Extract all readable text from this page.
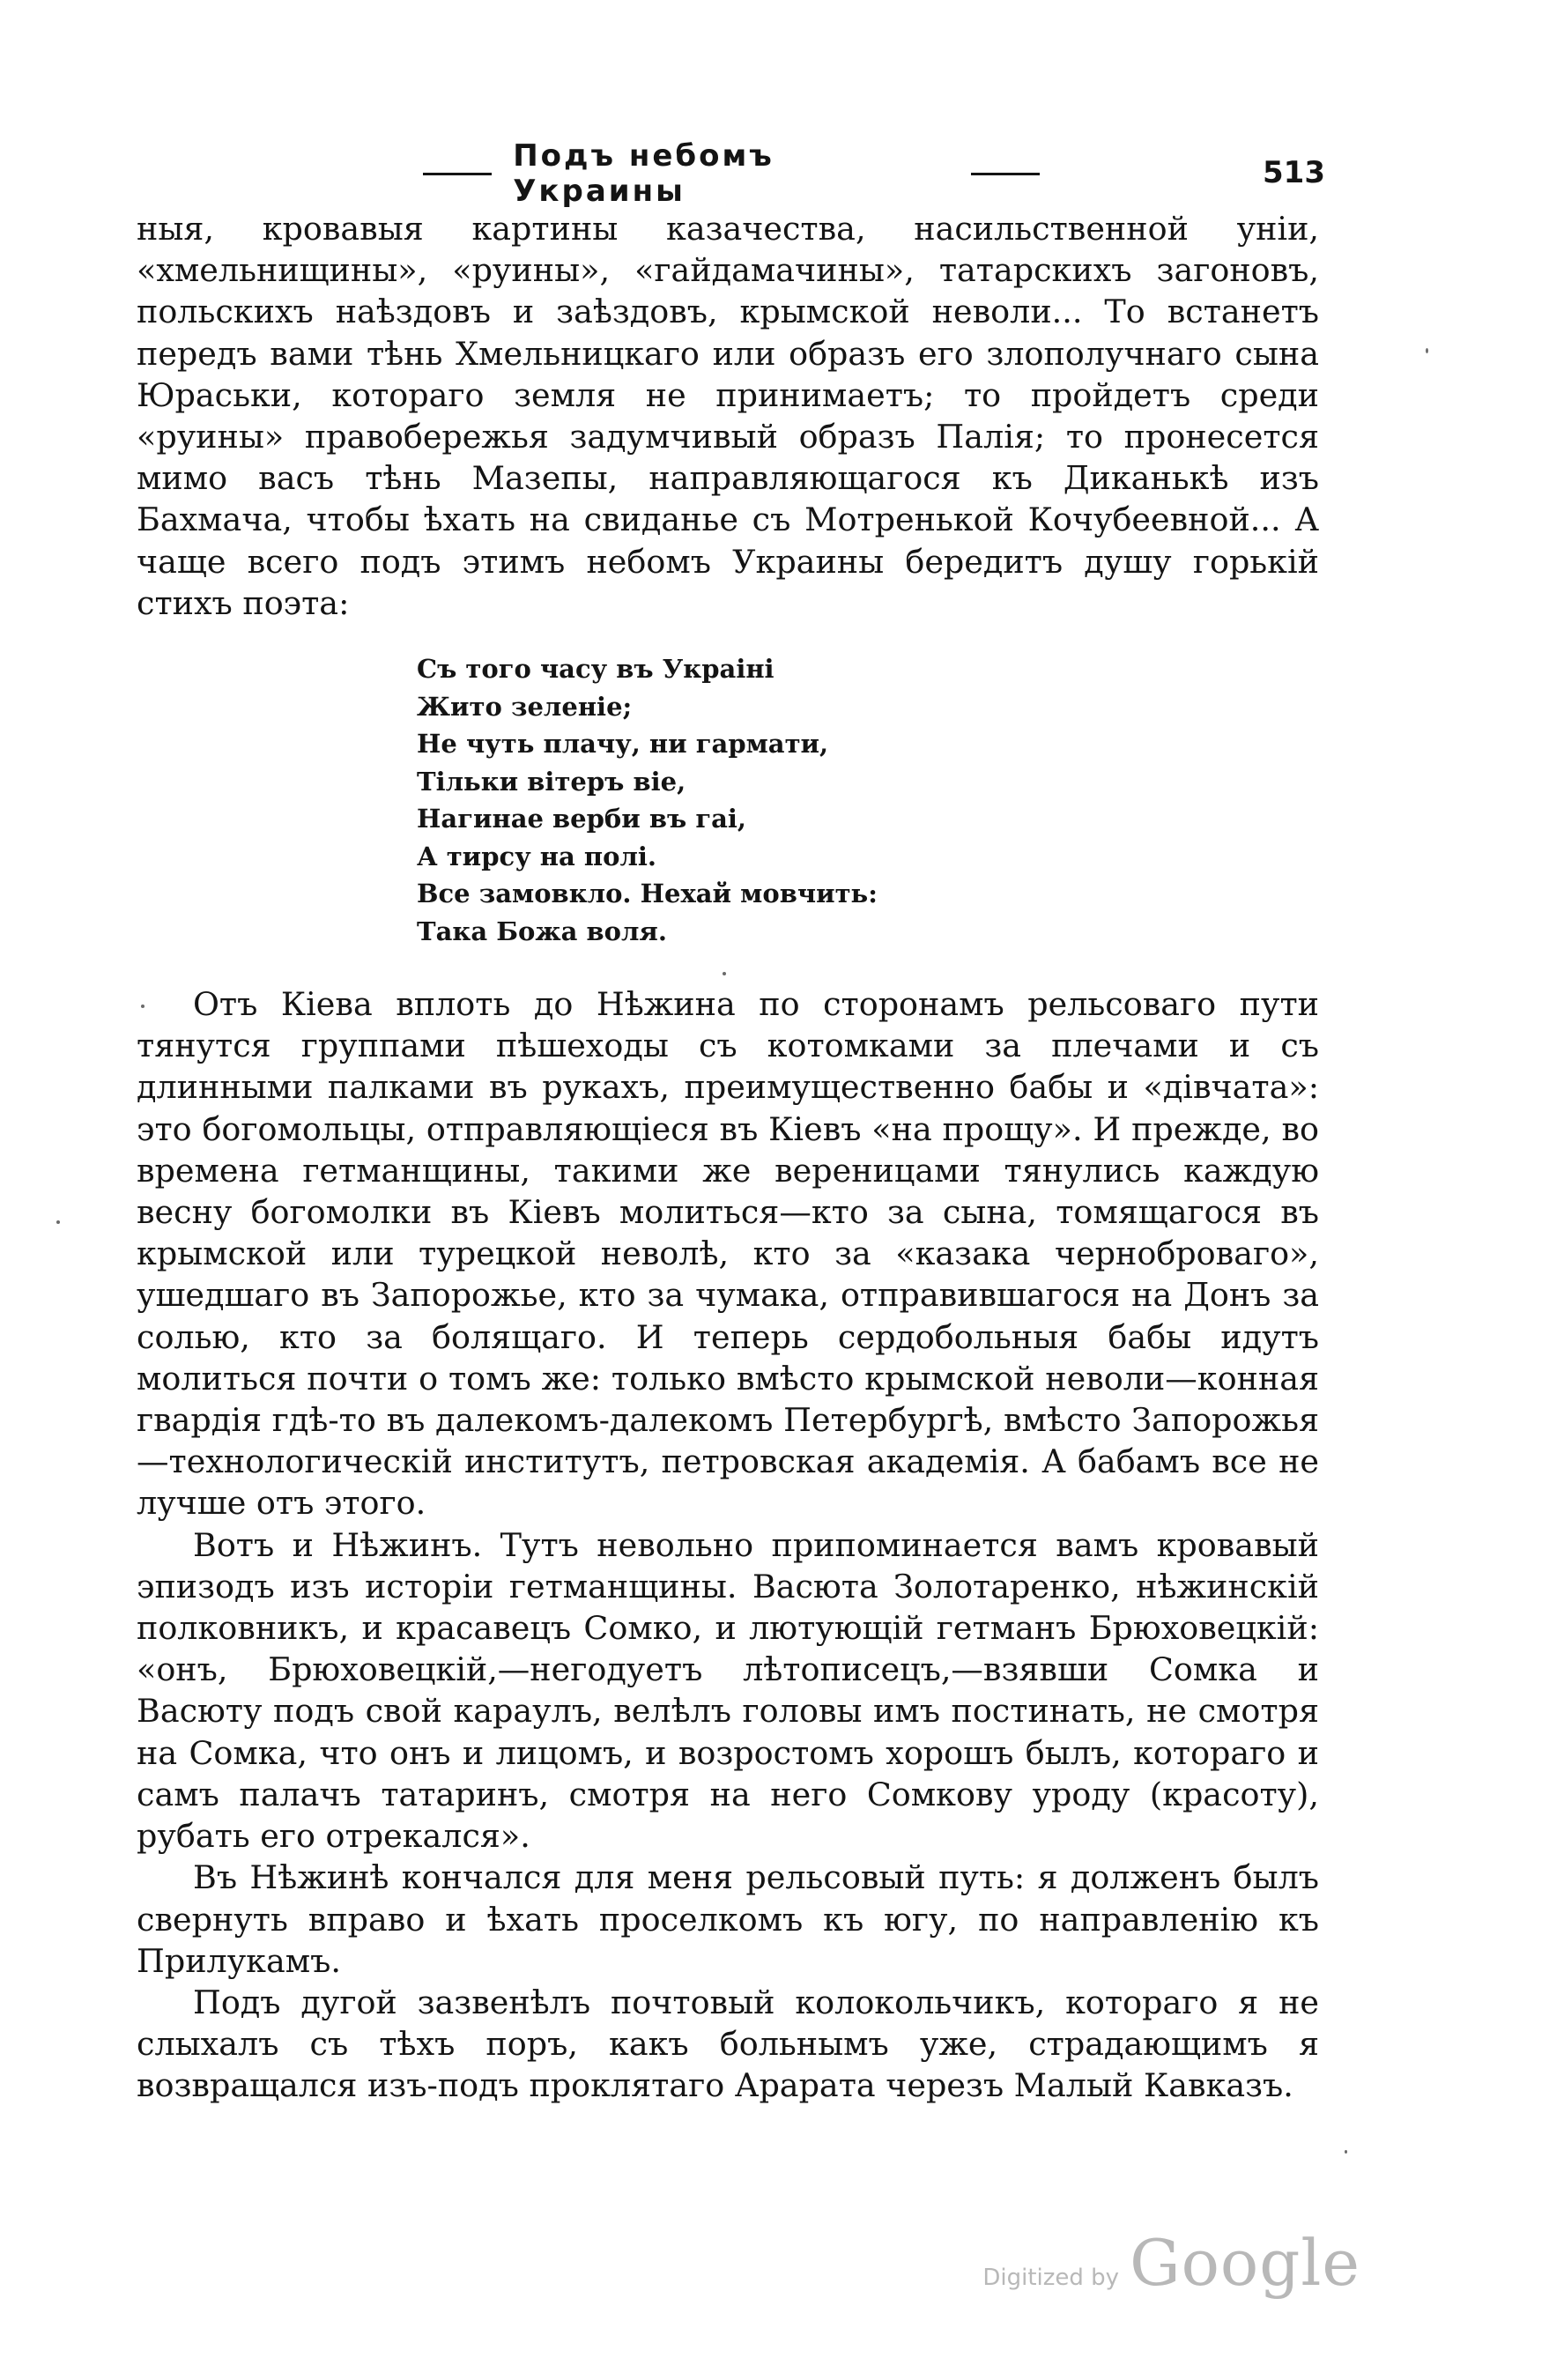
Подъ небомъ Украины
513

ныя, кровавыя картины казачества, насильственной уніи, «хмельнищины», «руины», «гайдамачины», татарскихъ загоновъ, польскихъ наѣздовъ и заѣздовъ, крымской неволи... То встанетъ передъ вами тѣнь Хмельницкаго или образъ его злополучнаго сына Юраськи, котораго земля не принимаетъ; то пройдетъ среди «руины» правобережья задумчивый образъ Палія; то пронесется мимо васъ тѣнь Мазепы, направляющагося къ Диканькѣ изъ Бахмача, чтобы ѣхать на свиданье съ Мотренькой Кочубеевной... А чаще всего подъ этимъ небомъ Украины бередитъ душу горькій стихъ поэта:

Съ того часу въ Украіні
Жито зеленіе;
Не чуть плачу, ни гармати,
Тільки вітеръ віе,
Нагинае верби въ гаі,
А тирсу на полі.
Все замовкло. Нехай мовчить:
Така Божа воля.

Отъ Кіева вплоть до Нѣжина по сторонамъ рельсоваго пути тянутся группами пѣшеходы съ котомками за плечами и съ длинными палками въ рукахъ, преимущественно бабы и «дівчата»: это богомольцы, отправляющіеся въ Кіевъ «на прощу». И прежде, во времена гетманщины, такими же вереницами тянулись каждую весну богомолки въ Кіевъ молиться—кто за сына, томящагося въ крымской или турецкой неволѣ, кто за «казака черноброваго», ушедшаго въ Запорожье, кто за чумака, отправившагося на Донъ за солью, кто за болящаго. И теперь сердобольныя бабы идутъ молиться почти о томъ же: только вмѣсто крымской неволи—конная гвардія гдѣ-то въ далекомъ-далекомъ Петербургѣ, вмѣсто Запорожья—технологическій институтъ, петровская академія. А бабамъ все не лучше отъ этого.

Вотъ и Нѣжинъ. Тутъ невольно припоминается вамъ кровавый эпизодъ изъ исторіи гетманщины. Васюта Золотаренко, нѣжинскій полковникъ, и красавецъ Сомко, и лютующій гетманъ Брюховецкій: «онъ, Брюховецкій,—негодуетъ лѣтописецъ,—взявши Сомка и Васюту подъ свой караулъ, велѣлъ головы имъ постинать, не смотря на Сомка, что онъ и лицомъ, и возростомъ хорошъ былъ, котораго и самъ палачъ татаринъ, смотря на него Сомкову уроду (красоту), рубать его отрекался».

Въ Нѣжинѣ кончался для меня рельсовый путь: я долженъ былъ свернуть вправо и ѣхать проселкомъ къ югу, по направленію къ Прилукамъ.

Подъ дугой зазвенѣлъ почтовый колокольчикъ, котораго я не слыхалъ съ тѣхъ поръ, какъ больнымъ уже, страдающимъ я возвращался изъ-подъ проклятаго Арарата черезъ Малый Кавказъ.

Digitized by Google
